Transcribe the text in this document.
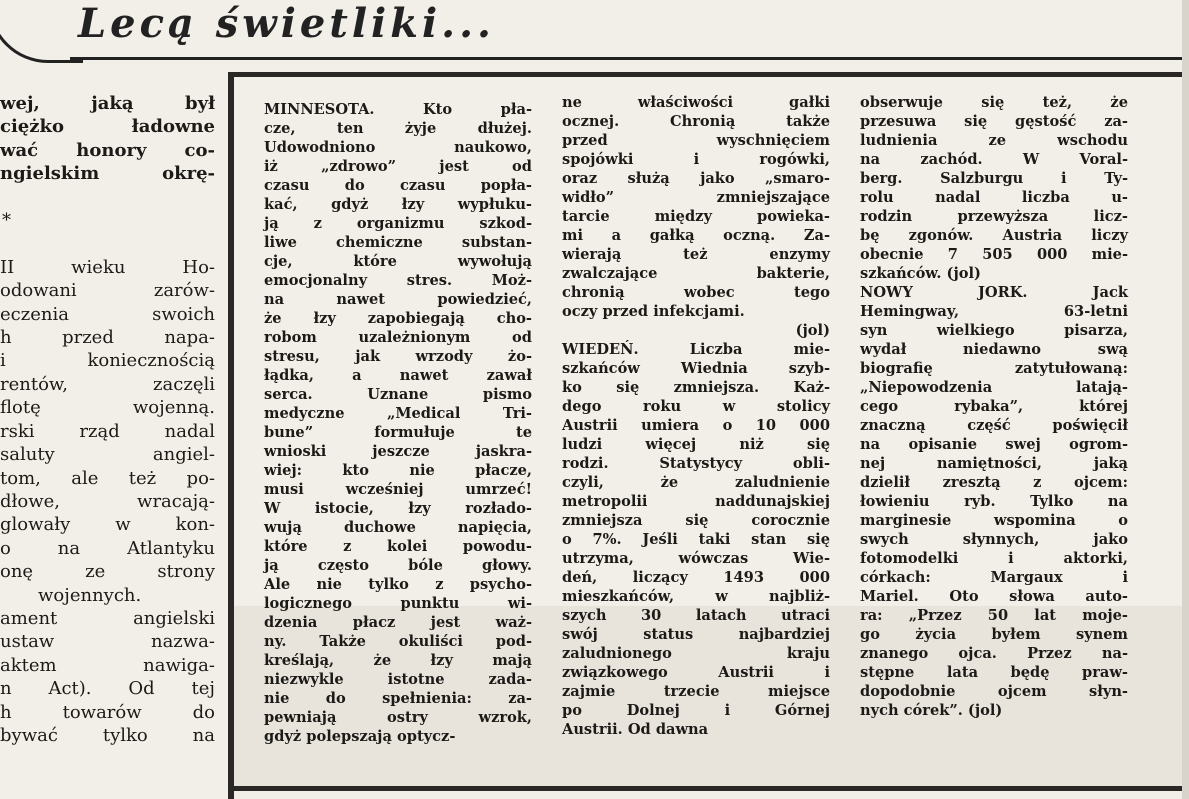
Lecą świetliki...
wej, jaką był
ciężko ładowne
wać honory co-
ngielskim okrę-

*

II wieku Ho-
odowani zarów-
eczenia swoich
h przed napa-
i koniecznością
rentów, zaczęli
flotę wojenną.
rski rząd nadal
saluty angiel-
tom, ale też po-
dłowe, wracają-
glowały w kon-
o na Atlantyku
onę ze strony
wojennych.
ament angielski
ustaw nazwa-
aktem nawiga-
n Act). Od tej
h towarów do
bywać tylko na
MINNESOTA. Kto pła-
cze, ten żyje dłużej.
Udowodniono naukowo,
iż „zdrowo” jest od
czasu do czasu popła-
kać, gdyż łzy wypłuku-
ją z organizmu szkod-
liwe chemiczne substan-
cje, które wywołują
emocjonalny stres. Moż-
na nawet powiedzieć,
że łzy zapobiegają cho-
robom uzależnionym od
stresu, jak wrzody żo-
łądka, a nawet zawał
serca. Uznane pismo
medyczne „Medical Tri-
bune” formułuje te
wnioski jeszcze jaskra-
wiej: kto nie płacze,
musi wcześniej umrzeć!
W istocie, łzy rozłado-
wują duchowe napięcia,
które z kolei powodu-
ją często bóle głowy.
Ale nie tylko z psycho-
logicznego punktu wi-
dzenia płacz jest waż-
ny. Także okuliści pod-
kreślają, że łzy mają
niezwykle istotne zada-
nie do spełnienia: za-
pewniają ostry wzrok,
gdyż polepszają optycz-
ne właściwości gałki
ocznej. Chronią także
przed wyschnięciem
spojówki i rogówki,
oraz służą jako „smaro-
widło” zmniejszające
tarcie między powieka-
mi a gałką oczną. Za-
wierają też enzymy
zwalczające bakterie,
chronią wobec tego
oczy przed infekcjami.
(jol)
WIEDEŃ. Liczba mie-
szkańców Wiednia szyb-
ko się zmniejsza. Każ-
dego roku w stolicy
Austrii umiera o 10 000
ludzi więcej niż się
rodzi. Statystycy obli-
czyli, że zaludnienie
metropolii naddunajskiej
zmniejsza się corocznie
o 7%. Jeśli taki stan się
utrzyma, wówczas Wie-
deń, liczący 1493 000
mieszkańców, w najbliż-
szych 30 latach utraci
swój status najbardziej
zaludnionego kraju
związkowego Austrii i
zajmie trzecie miejsce
po Dolnej i Górnej
Austrii. Od dawna
obserwuje się też, że
przesuwa się gęstość za-
ludnienia ze wschodu
na zachód. W Voral-
berg. Salzburgu i Ty-
rolu nadal liczba u-
rodzin przewyższa licz-
bę zgonów. Austria liczy
obecnie 7 505 000 mie-
szkańców. (jol)
NOWY JORK. Jack
Hemingway, 63-letni
syn wielkiego pisarza,
wydał niedawno swą
biografię zatytułowaną:
„Niepowodzenia latają-
cego rybaka”, której
znaczną część poświęcił
na opisanie swej ogrom-
nej namiętności, jaką
dzielił zresztą z ojcem:
łowieniu ryb. Tylko na
marginesie wspomina o
swych słynnych, jako
fotomodelki i aktorki,
córkach: Margaux i
Mariel. Oto słowa auto-
ra: „Przez 50 lat moje-
go życia byłem synem
znanego ojca. Przez na-
stępne lata będę praw-
dopodobnie ojcem słyn-
nych córek”. (jol)
